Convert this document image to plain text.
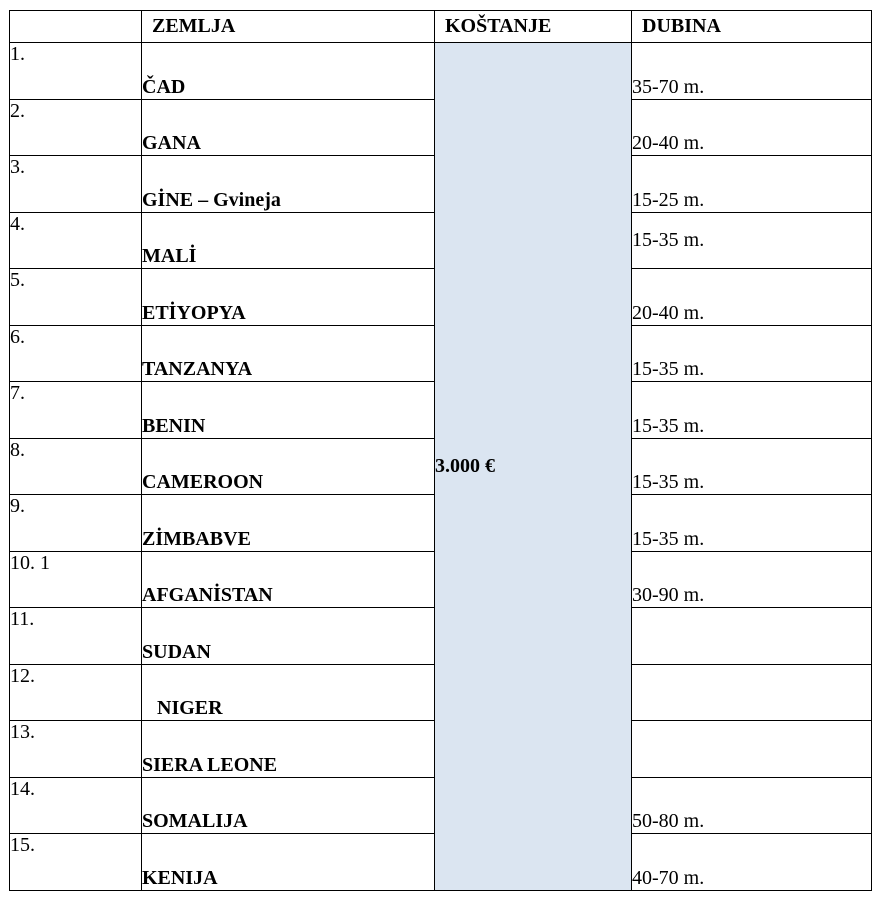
	ZEMLJA	KOŠTANJE	DUBINA
1.	ČAD	3.000 €	35-70 m.
2.	GANA		20-40 m.
3.	GİNE – Gvineja		15-25 m.
4.	MALİ		15-35 m.
5.	ETİYOPYA		20-40 m.
6.	TANZANYA		15-35 m.
7.	BENIN		15-35 m.
8.	CAMEROON		15-35 m.
9.	ZİMBABVE		15-35 m.
10. 1	AFGANİSTAN		30-90 m.
11.	SUDAN		
12.	NIGER		
13.	SIERA LEONE		
14.	SOMALIJA		50-80 m.
15.	KENIJA		40-70 m.
